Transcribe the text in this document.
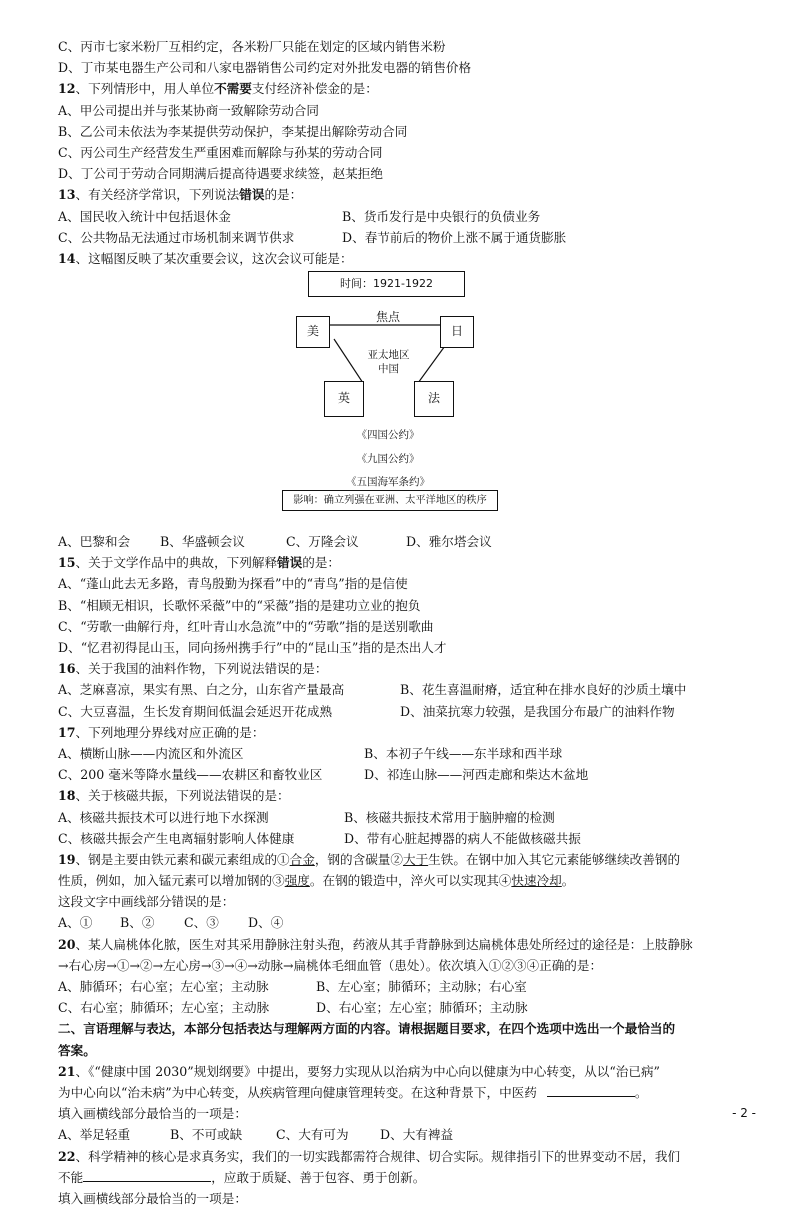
C、丙市七家米粉厂互相约定，各米粉厂只能在划定的区域内销售米粉
D、丁市某电器生产公司和八家电器销售公司约定对外批发电器的销售价格
12、下列情形中，用人单位不需要支付经济补偿金的是：
A、甲公司提出并与张某协商一致解除劳动合同
B、乙公司未依法为李某提供劳动保护，李某提出解除劳动合同
C、丙公司生产经营发生严重困难而解除与孙某的劳动合同
D、丁公司于劳动合同期满后提高待遇要求续签，赵某拒绝
13、有关经济学常识，下列说法错误的是：
A、国民收入统计中包括退休金	B、货币发行是中央银行的负债业务
C、公共物品无法通过市场机制来调节供求	D、春节前后的物价上涨不属于通货膨胀
14、这幅图反映了某次重要会议，这次会议可能是：
时间：1921-1922
美	日
英	法
焦点
亚太地区
中国
《四国公约》
《九国公约》
《五国海军条约》
影响：确立列强在亚洲、太平洋地区的秩序
A、巴黎和会	B、华盛顿会议	C、万隆会议	D、雅尔塔会议
15、关于文学作品中的典故，下列解释错误的是：
A、“蓬山此去无多路，青鸟殷勤为探看”中的“青鸟”指的是信使
B、“相顾无相识，长歌怀采薇”中的“采薇”指的是建功立业的抱负
C、“劳歌一曲解行舟，红叶青山水急流”中的“劳歌”指的是送别歌曲
D、“忆君初得昆山玉，同向扬州携手行”中的“昆山玉”指的是杰出人才
16、关于我国的油料作物，下列说法错误的是：
A、芝麻喜凉，果实有黑、白之分，山东省产量最高	B、花生喜温耐瘠，适宜种在排水良好的沙质土壤中
C、大豆喜温，生长发育期间低温会延迟开花成熟	D、油菜抗寒力较强，是我国分布最广的油料作物
17、下列地理分界线对应正确的是：
A、横断山脉——内流区和外流区	B、本初子午线——东半球和西半球
C、200 毫米等降水量线——农耕区和畜牧业区	D、祁连山脉——河西走廊和柴达木盆地
18、关于核磁共振，下列说法错误的是：
A、核磁共振技术可以进行地下水探测	B、核磁共振技术常用于脑肿瘤的检测
C、核磁共振会产生电离辐射影响人体健康	D、带有心脏起搏器的病人不能做核磁共振
19、钢是主要由铁元素和碳元素组成的①合金，钢的含碳量②大于生铁。在钢中加入其它元素能够继续改善钢的
性质，例如，加入锰元素可以增加钢的③强度。在钢的锻造中，淬火可以实现其④快速冷却。
这段文字中画线部分错误的是：
A、①	B、②	C、③	D、④
20、某人扁桃体化脓，医生对其采用静脉注射头孢，药液从其手背静脉到达扁桃体患处所经过的途径是：上肢静脉
→右心房→①→②→左心房→③→④→动脉→扁桃体毛细血管（患处）。依次填入①②③④正确的是：
A、肺循环；右心室；左心室；主动脉	B、左心室；肺循环；主动脉；右心室
C、右心室；肺循环；左心室；主动脉	D、右心室；左心室；肺循环；主动脉
二、言语理解与表达，本部分包括表达与理解两方面的内容。请根据题目要求，在四个选项中选出一个最恰当的
答案。
21、《“健康中国 2030”规划纲要》中提出，要努力实现从以治病为中心向以健康为中心转变，从以“治已病”
为中心向以“治未病”为中心转变，从疾病管理向健康管理转变。在这种背景下，中医药	。
填入画横线部分最恰当的一项是：
A、举足轻重	B、不可或缺	C、大有可为	D、大有裨益
22、科学精神的核心是求真务实，我们的一切实践都需符合规律、切合实际。规律指引下的世界变动不居，我们
不能	，应敢于质疑、善于包容、勇于创新。
填入画横线部分最恰当的一项是：
- 2 -
